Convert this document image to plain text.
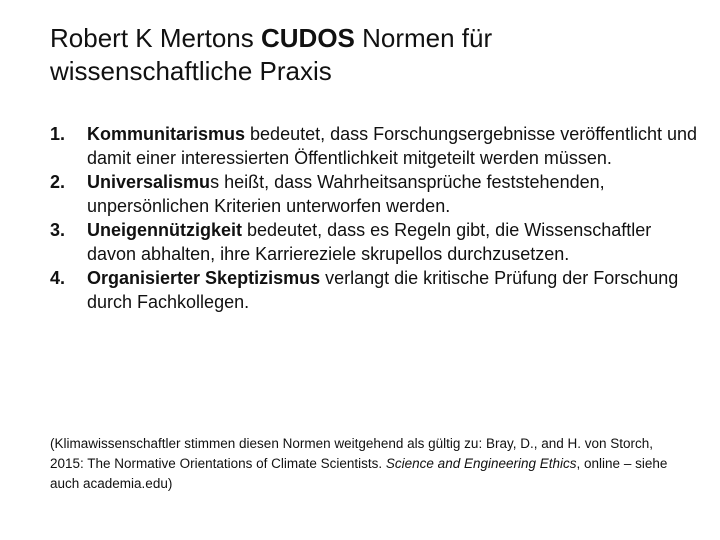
Robert K Mertons CUDOS Normen für wissenschaftliche Praxis
1. Kommunitarismus bedeutet, dass Forschungsergebnisse veröffentlicht und damit einer interessierten Öffentlichkeit mitgeteilt werden müssen.
2. Universalismus heißt, dass Wahrheitsansprüche feststehenden, unpersönlichen Kriterien unterworfen werden.
3. Uneigennützigkeit bedeutet, dass es Regeln gibt, die Wissenschaftler davon abhalten, ihre Karriereziele skrupellos durchzusetzen.
4. Organisierter Skeptizismus verlangt die kritische Prüfung der Forschung durch Fachkollegen.

(Klimawissenschaftler stimmen diesen Normen weitgehend als gültig zu: Bray, D., and H. von Storch, 2015: The Normative Orientations of Climate Scientists. Science and Engineering Ethics, online – siehe auch academia.edu)
